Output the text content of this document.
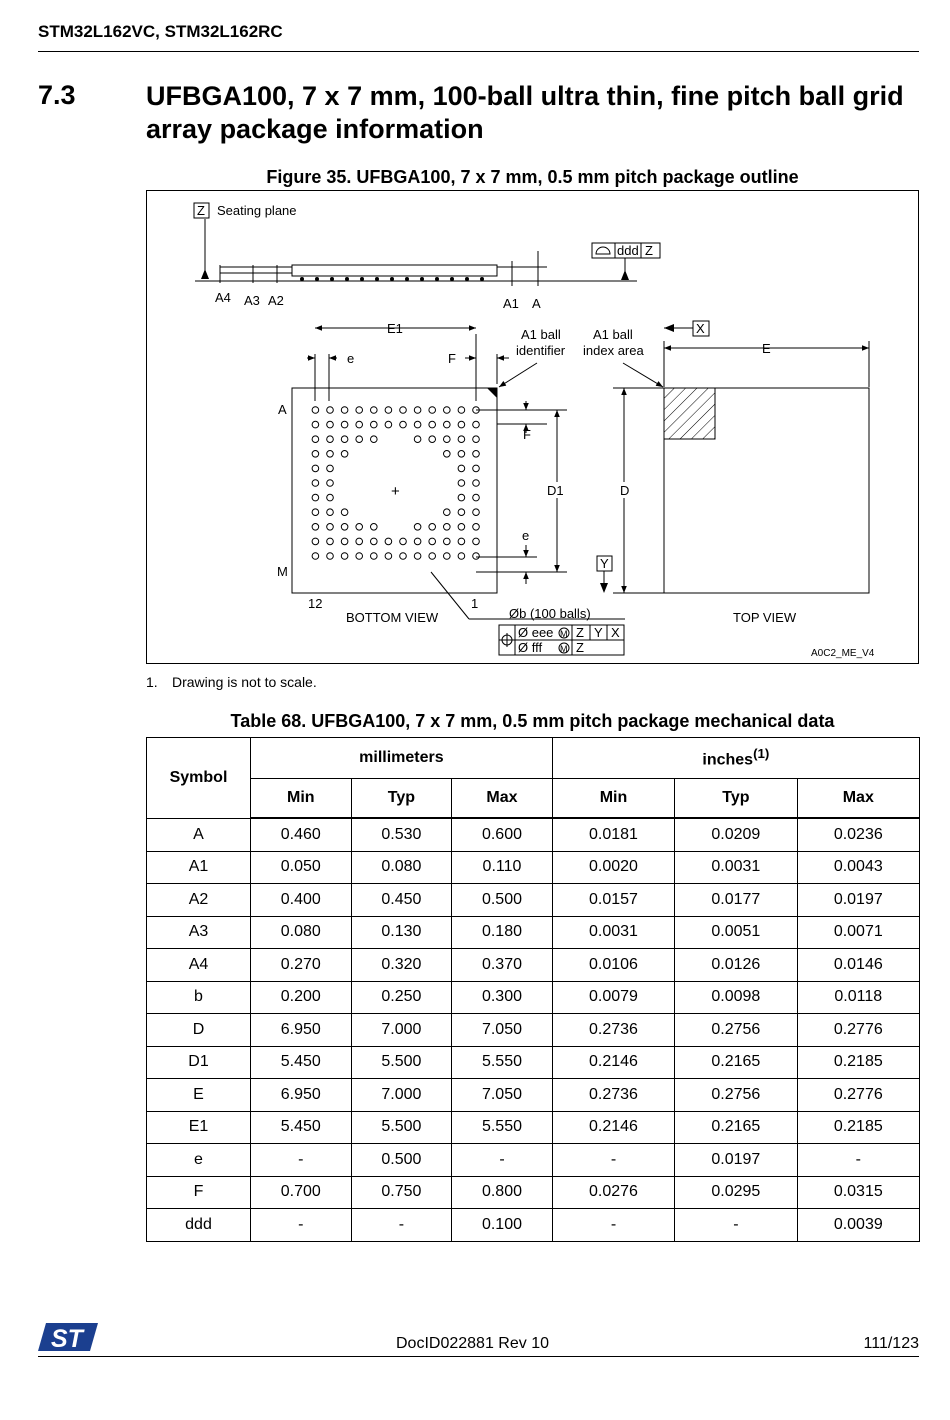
STM32L162VC, STM32L162RC
7.3	UFBGA100, 7 x 7 mm, 100-ball ultra thin, fine pitch ball grid array package information
Figure 35. UFBGA100, 7 x 7 mm, 0.5 mm pitch package outline
Z Seating plane
A4 A3 A2	A1 A
ddd Z
+
E1
e	F
A1 ball
identifier
A
M
12	1
BOTTOM VIEW
F
D1
e
Øb (100 balls)
Ø eee M Z Y X
Ø fff M Z
Y
A1 ball
index area
X
E
D
TOP VIEW
A0C2_ME_V4
1. Drawing is not to scale.
Table 68. UFBGA100, 7 x 7 mm, 0.5 mm pitch package mechanical data
Symbol	millimeters			inches$^{(1)}$
	Min	Typ	Max	Min	Typ	Max
A	0.460	0.530	0.600	0.0181	0.0209	0.0236
A1	0.050	0.080	0.110	0.0020	0.0031	0.0043
A2	0.400	0.450	0.500	0.0157	0.0177	0.0197
A3	0.080	0.130	0.180	0.0031	0.0051	0.0071
A4	0.270	0.320	0.370	0.0106	0.0126	0.0146
b	0.200	0.250	0.300	0.0079	0.0098	0.0118
D	6.950	7.000	7.050	0.2736	0.2756	0.2776
D1	5.450	5.500	5.550	0.2146	0.2165	0.2185
E	6.950	7.000	7.050	0.2736	0.2756	0.2776
E1	5.450	5.500	5.550	0.2146	0.2165	0.2185
e	-	0.500	-	-	0.0197	-
F	0.700	0.750	0.800	0.0276	0.0295	0.0315
ddd	-	-	0.100	-	-	0.0039
ST	DocID022881 Rev 10	111/123
